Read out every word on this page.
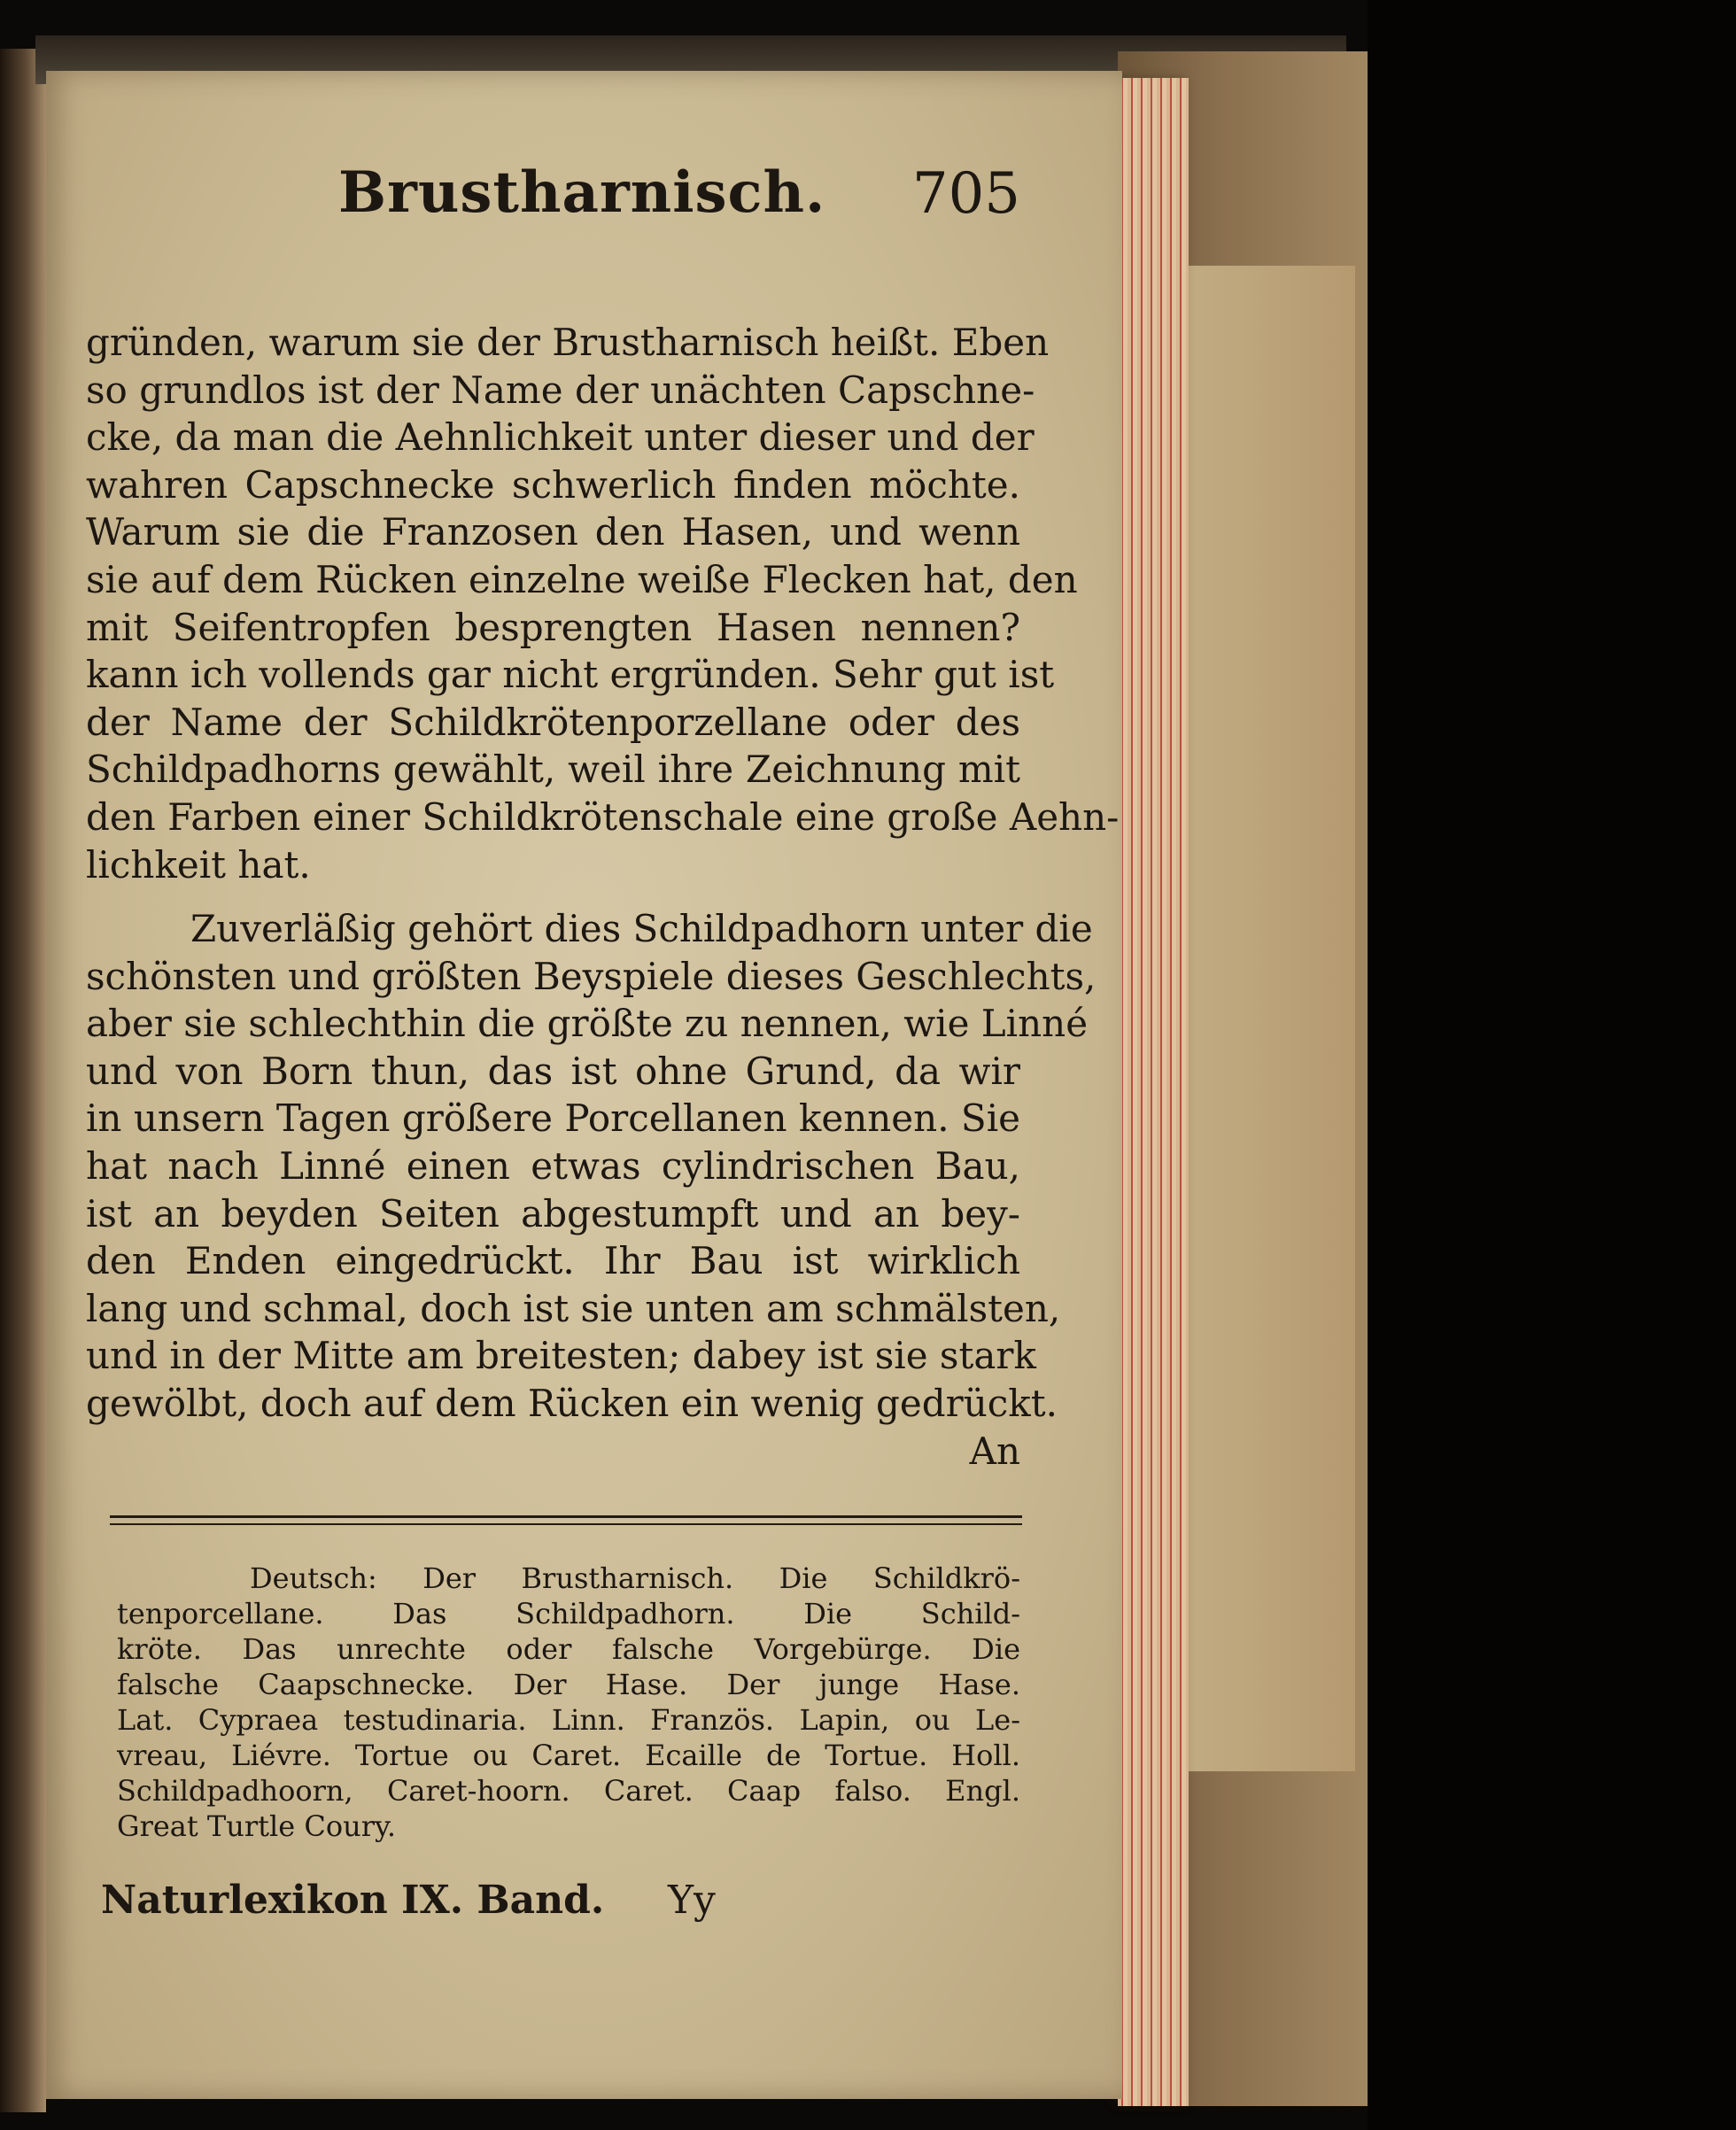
Brustharnisch. 705
gründen, warum sie der Brustharnisch heißt. Eben
so grundlos ist der Name der unächten Capschne-
cke, da man die Aehnlichkeit unter dieser und der
wahren Capschnecke schwerlich finden möchte.
Warum sie die Franzosen den Hasen, und wenn
sie auf dem Rücken einzelne weiße Flecken hat, den
mit Seifentropfen besprengten Hasen nennen?
kann ich vollends gar nicht ergründen. Sehr gut ist
der Name der Schildkrötenporzellane oder des
Schildpadhorns gewählt, weil ihre Zeichnung mit
den Farben einer Schildkrötenschale eine große Aehn-
lichkeit hat.
Zuverläßig gehört dies Schildpadhorn unter die
schönsten und größten Beyspiele dieses Geschlechts,
aber sie schlechthin die größte zu nennen, wie Linné
und von Born thun, das ist ohne Grund, da wir
in unsern Tagen größere Porcellanen kennen. Sie
hat nach Linné einen etwas cylindrischen Bau,
ist an beyden Seiten abgestumpft und an bey-
den Enden eingedrückt. Ihr Bau ist wirklich
lang und schmal, doch ist sie unten am schmälsten,
und in der Mitte am breitesten; dabey ist sie stark
gewölbt, doch auf dem Rücken ein wenig gedrückt.
An
Deutsch: Der Brustharnisch. Die Schildkrö-
tenporcellane. Das Schildpadhorn. Die Schild-
kröte. Das unrechte oder falsche Vorgebürge. Die
falsche Caapschnecke. Der Hase. Der junge Hase.
Lat. Cypraea testudinaria. Linn. Französ. Lapin, ou Le-
vreau, Liévre. Tortue ou Caret. Ecaille de Tortue. Holl.
Schildpadhoorn, Caret-hoorn. Caret. Caap falso. Engl.
Great Turtle Coury.
Naturlexikon IX. Band. Yy
